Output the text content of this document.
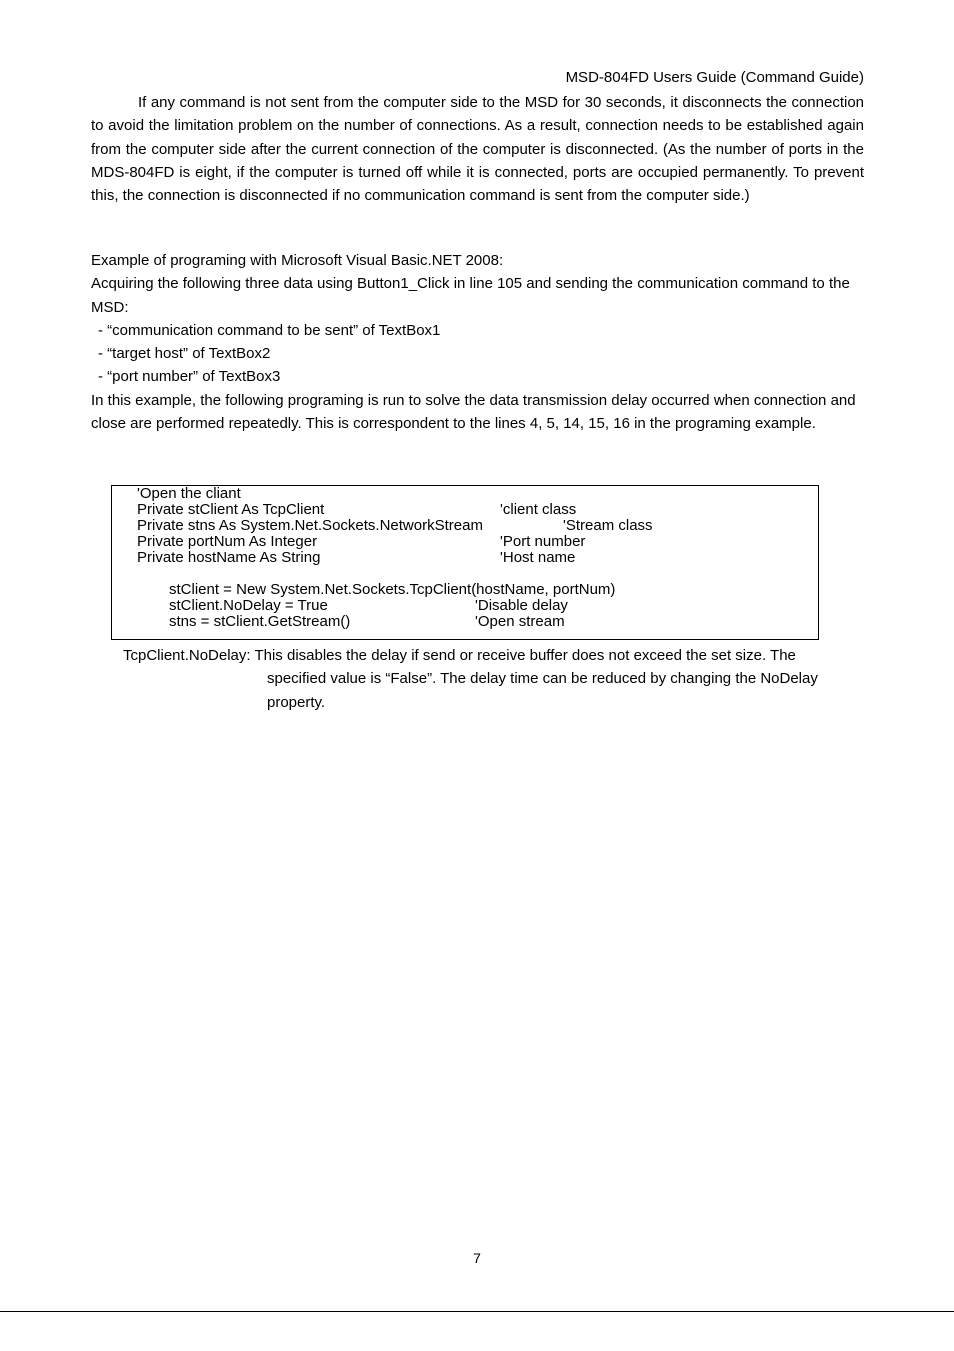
MSD-804FD Users Guide (Command Guide)

If any command is not sent from the computer side to the MSD for 30 seconds, it disconnects the connection to avoid the limitation problem on the number of connections. As a result, connection needs to be established again from the computer side after the current connection of the computer is disconnected. (As the number of ports in the MDS-804FD is eight, if the computer is turned off while it is connected, ports are occupied permanently. To prevent this, the connection is disconnected if no communication command is sent from the computer side.)

Example of programing with Microsoft Visual Basic.NET 2008:

Acquiring the following three data using Button1_Click in line 105 and sending the communication command to the MSD:

- “communication command to be sent” of TextBox1

- “target host” of TextBox2

- “port number” of TextBox3

In this example, the following programing is run to solve the data transmission delay occurred when connection and close are performed repeatedly. This is correspondent to the lines 4, 5, 14, 15, 16 in the programing example.

'Open the cliant
Private stClient As TcpClient	'client class
Private stns As System.Net.Sockets.NetworkStream	'Stream class
Private portNum As Integer	'Port number
Private hostName As String	'Host name
stClient = New System.Net.Sockets.TcpClient(hostName, portNum)
stClient.NoDelay = True	'Disable delay
stns = stClient.GetStream()	'Open stream
TcpClient.NoDelay: This disables the delay if send or receive buffer does not exceed the set size. The
specified value is “False”. The delay time can be reduced by changing the NoDelay
property.
7
